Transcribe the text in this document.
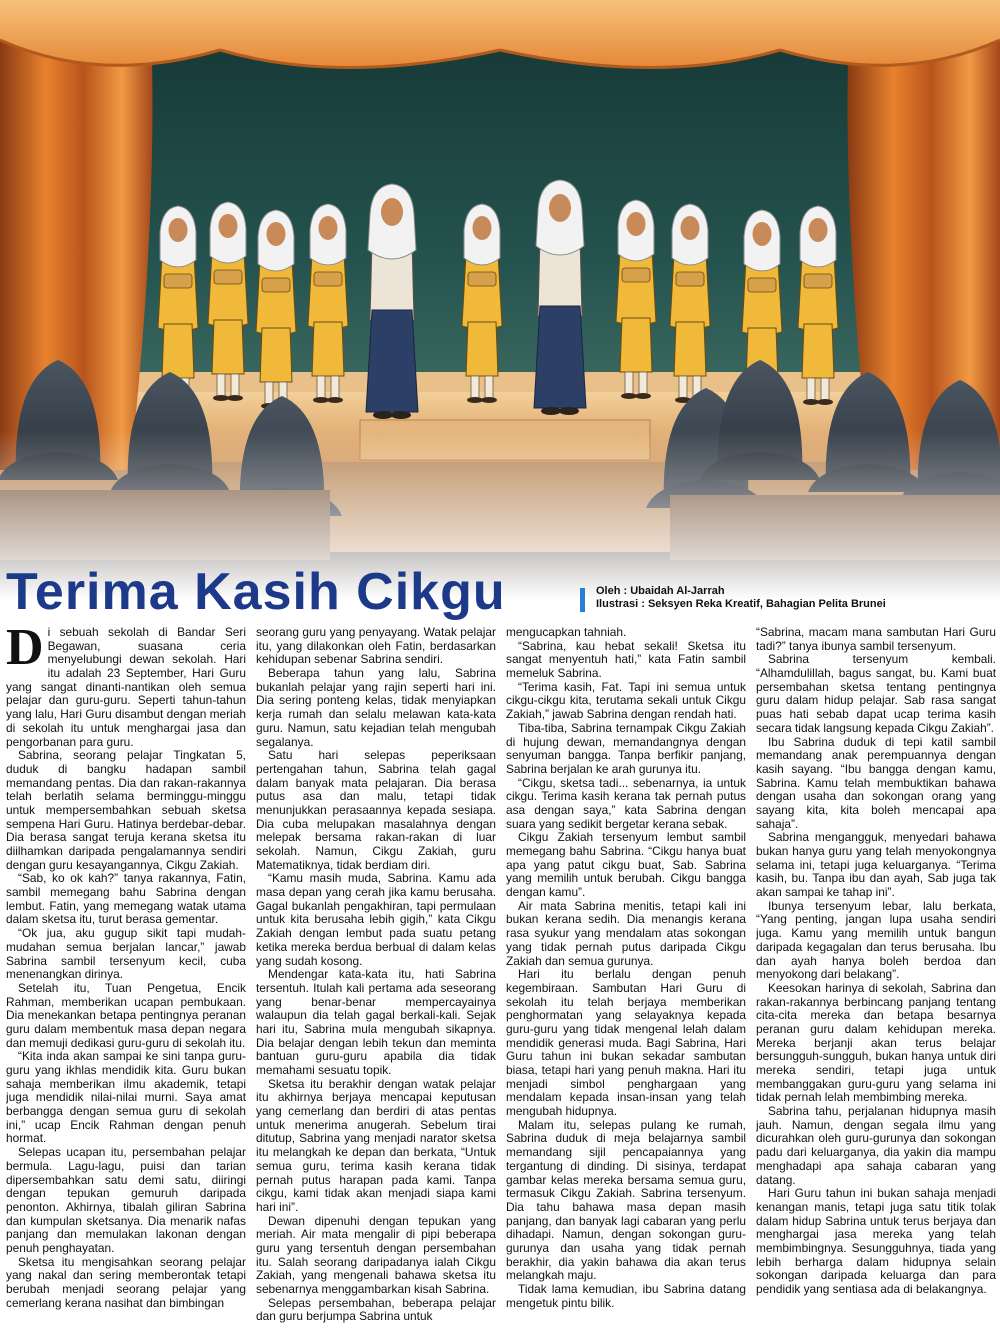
Terima Kasih Cikgu	Oleh : Ubaidah Al-Jarrah
Ilustrasi : Seksyen Reka Kreatif, Bahagian Pelita Brunei

Di sebuah sekolah di Bandar Seri Begawan, suasana ceria menyelubungi dewan sekolah. Hari itu adalah 23 September, Hari Guru yang sangat dinanti-nantikan oleh semua pelajar dan guru-guru. Seperti tahun-tahun yang lalu, Hari Guru disambut dengan meriah di sekolah itu untuk menghargai jasa dan pengorbanan para guru.

Sabrina, seorang pelajar Tingkatan 5, duduk di bangku hadapan sambil memandang pentas. Dia dan rakan-rakannya telah berlatih selama berminggu-minggu untuk mempersembahkan sebuah sketsa sempena Hari Guru. Hatinya berdebar-debar. Dia berasa sangat teruja kerana sketsa itu diilhamkan daripada pengalamannya sendiri dengan guru kesayangannya, Cikgu Zakiah.

“Sab, ko ok kah?” tanya rakannya, Fatin, sambil memegang bahu Sabrina dengan lembut. Fatin, yang memegang watak utama dalam sketsa itu, turut berasa gementar.

“Ok jua, aku gugup sikit tapi mudah-mudahan semua berjalan lancar,” jawab Sabrina sambil tersenyum kecil, cuba menenangkan dirinya.

Setelah itu, Tuan Pengetua, Encik Rahman, memberikan ucapan pembukaan. Dia menekankan betapa pentingnya peranan guru dalam membentuk masa depan negara dan memuji dedikasi guru-guru di sekolah itu.

“Kita inda akan sampai ke sini tanpa guru-guru yang ikhlas mendidik kita. Guru bukan sahaja memberikan ilmu akademik, tetapi juga mendidik nilai-nilai murni. Saya amat berbangga dengan semua guru di sekolah ini,” ucap Encik Rahman dengan penuh hormat.

Selepas ucapan itu, persembahan pelajar bermula. Lagu-lagu, puisi dan tarian dipersembahkan satu demi satu, diiringi dengan tepukan gemuruh daripada penonton. Akhirnya, tibalah giliran Sabrina dan kumpulan sketsanya. Dia menarik nafas panjang dan memulakan lakonan dengan penuh penghayatan.

Sketsa itu mengisahkan seorang pelajar yang nakal dan sering memberontak tetapi berubah menjadi seorang pelajar yang cemerlang kerana nasihat dan bimbingan

seorang guru yang penyayang. Watak pelajar itu, yang dilakonkan oleh Fatin, berdasarkan kehidupan sebenar Sabrina sendiri.

Beberapa tahun yang lalu, Sabrina bukanlah pelajar yang rajin seperti hari ini. Dia sering ponteng kelas, tidak menyiapkan kerja rumah dan selalu melawan kata-kata guru. Namun, satu kejadian telah mengubah segalanya.

Satu hari selepas peperiksaan pertengahan tahun, Sabrina telah gagal dalam banyak mata pelajaran. Dia berasa putus asa dan malu, tetapi tidak menunjukkan perasaannya kepada sesiapa. Dia cuba melupakan masalahnya dengan melepak bersama rakan-rakan di luar sekolah. Namun, Cikgu Zakiah, guru Matematiknya, tidak berdiam diri.

“Kamu masih muda, Sabrina. Kamu ada masa depan yang cerah jika kamu berusaha. Gagal bukanlah pengakhiran, tapi permulaan untuk kita berusaha lebih gigih,” kata Cikgu Zakiah dengan lembut pada suatu petang ketika mereka berdua berbual di dalam kelas yang sudah kosong.

Mendengar kata-kata itu, hati Sabrina tersentuh. Itulah kali pertama ada seseorang yang benar-benar mempercayainya walaupun dia telah gagal berkali-kali. Sejak hari itu, Sabrina mula mengubah sikapnya. Dia belajar dengan lebih tekun dan meminta bantuan guru-guru apabila dia tidak memahami sesuatu topik.

Sketsa itu berakhir dengan watak pelajar itu akhirnya berjaya mencapai keputusan yang cemerlang dan berdiri di atas pentas untuk menerima anugerah. Sebelum tirai ditutup, Sabrina yang menjadi narator sketsa itu melangkah ke depan dan berkata, “Untuk semua guru, terima kasih kerana tidak pernah putus harapan pada kami. Tanpa cikgu, kami tidak akan menjadi siapa kami hari ini”.

Dewan dipenuhi dengan tepukan yang meriah. Air mata mengalir di pipi beberapa guru yang tersentuh dengan persembahan itu. Salah seorang daripadanya ialah Cikgu Zakiah, yang mengenali bahawa sketsa itu sebenarnya menggambarkan kisah Sabrina.

Selepas persembahan, beberapa pelajar dan guru berjumpa Sabrina untuk

mengucapkan tahniah.

“Sabrina, kau hebat sekali! Sketsa itu sangat menyentuh hati,” kata Fatin sambil memeluk Sabrina.

“Terima kasih, Fat. Tapi ini semua untuk cikgu-cikgu kita, terutama sekali untuk Cikgu Zakiah,” jawab Sabrina dengan rendah hati.

Tiba-tiba, Sabrina ternampak Cikgu Zakiah di hujung dewan, memandangnya dengan senyuman bangga. Tanpa berfikir panjang, Sabrina berjalan ke arah gurunya itu.

“Cikgu, sketsa tadi... sebenarnya, ia untuk cikgu. Terima kasih kerana tak pernah putus asa dengan saya,” kata Sabrina dengan suara yang sedikit bergetar kerana sebak.

Cikgu Zakiah tersenyum lembut sambil memegang bahu Sabrina. “Cikgu hanya buat apa yang patut cikgu buat, Sab. Sabrina yang memilih untuk berubah. Cikgu bangga dengan kamu”.

Air mata Sabrina menitis, tetapi kali ini bukan kerana sedih. Dia menangis kerana rasa syukur yang mendalam atas sokongan yang tidak pernah putus daripada Cikgu Zakiah dan semua gurunya.

Hari itu berlalu dengan penuh kegembiraan. Sambutan Hari Guru di sekolah itu telah berjaya memberikan penghormatan yang selayaknya kepada guru-guru yang tidak mengenal lelah dalam mendidik generasi muda. Bagi Sabrina, Hari Guru tahun ini bukan sekadar sambutan biasa, tetapi hari yang penuh makna. Hari itu menjadi simbol penghargaan yang mendalam kepada insan-insan yang telah mengubah hidupnya.

Malam itu, selepas pulang ke rumah, Sabrina duduk di meja belajarnya sambil memandang sijil pencapaiannya yang tergantung di dinding. Di sisinya, terdapat gambar kelas mereka bersama semua guru, termasuk Cikgu Zakiah. Sabrina tersenyum. Dia tahu bahawa masa depan masih panjang, dan banyak lagi cabaran yang perlu dihadapi. Namun, dengan sokongan guru-gurunya dan usaha yang tidak pernah berakhir, dia yakin bahawa dia akan terus melangkah maju.

Tidak lama kemudian, ibu Sabrina datang mengetuk pintu bilik.

“Sabrina, macam mana sambutan Hari Guru tadi?” tanya ibunya sambil tersenyum.

Sabrina tersenyum kembali. “Alhamdulillah, bagus sangat, bu. Kami buat persembahan sketsa tentang pentingnya guru dalam hidup pelajar. Sab rasa sangat puas hati sebab dapat ucap terima kasih secara tidak langsung kepada Cikgu Zakiah”.

Ibu Sabrina duduk di tepi katil sambil memandang anak perempuannya dengan kasih sayang. “Ibu bangga dengan kamu, Sabrina. Kamu telah membuktikan bahawa dengan usaha dan sokongan orang yang sayang kita, kita boleh mencapai apa sahaja”.

Sabrina mengangguk, menyedari bahawa bukan hanya guru yang telah menyokongnya selama ini, tetapi juga keluarganya. “Terima kasih, bu. Tanpa ibu dan ayah, Sab juga tak akan sampai ke tahap ini”.

Ibunya tersenyum lebar, lalu berkata, “Yang penting, jangan lupa usaha sendiri juga. Kamu yang memilih untuk bangun daripada kegagalan dan terus berusaha. Ibu dan ayah hanya boleh berdoa dan menyokong dari belakang”.

Keesokan harinya di sekolah, Sabrina dan rakan-rakannya berbincang panjang tentang cita-cita mereka dan betapa besarnya peranan guru dalam kehidupan mereka. Mereka berjanji akan terus belajar bersungguh-sungguh, bukan hanya untuk diri mereka sendiri, tetapi juga untuk membanggakan guru-guru yang selama ini tidak pernah lelah membimbing mereka.

Sabrina tahu, perjalanan hidupnya masih jauh. Namun, dengan segala ilmu yang dicurahkan oleh guru-gurunya dan sokongan padu dari keluarganya, dia yakin dia mampu menghadapi apa sahaja cabaran yang datang.

Hari Guru tahun ini bukan sahaja menjadi kenangan manis, tetapi juga satu titik tolak dalam hidup Sabrina untuk terus berjaya dan menghargai jasa mereka yang telah membimbingnya. Sesungguhnya, tiada yang lebih berharga dalam hidupnya selain sokongan daripada keluarga dan para pendidik yang sentiasa ada di belakangnya.
